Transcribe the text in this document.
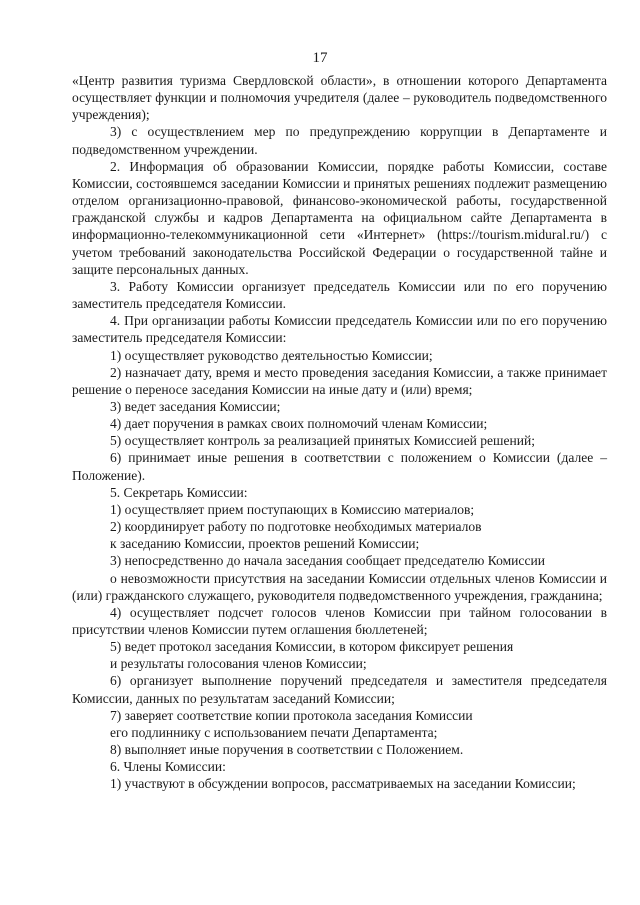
17

«Центр развития туризма Свердловской области», в отношении которого Департамента осуществляет функции и полномочия учредителя (далее – руководитель подведомственного учреждения);

3) с осуществлением мер по предупреждению коррупции в Департаменте и подведомственном учреждении.

2. Информация об образовании Комиссии, порядке работы Комиссии, составе Комиссии, состоявшемся заседании Комиссии и принятых решениях подлежит размещению отделом организационно-правовой, финансово-экономической работы, государственной гражданской службы и кадров Департамента на официальном сайте Департамента в информационно-телекоммуникационной сети «Интернет» (https://tourism.midural.ru/) с учетом требований законодательства Российской Федерации о государственной тайне и защите персональных данных.

3. Работу Комиссии организует председатель Комиссии или по его поручению заместитель председателя Комиссии.

4. При организации работы Комиссии председатель Комиссии или по его поручению заместитель председателя Комиссии:

1) осуществляет руководство деятельностью Комиссии;

2) назначает дату, время и место проведения заседания Комиссии, а также принимает решение о переносе заседания Комиссии на иные дату и (или) время;

3) ведет заседания Комиссии;

4) дает поручения в рамках своих полномочий членам Комиссии;

5) осуществляет контроль за реализацией принятых Комиссией решений;

6) принимает иные решения в соответствии с положением о Комиссии (далее – Положение).

5. Секретарь Комиссии:

1) осуществляет прием поступающих в Комиссию материалов;

2) координирует работу по подготовке необходимых материалов

к заседанию Комиссии, проектов решений Комиссии;

3) непосредственно до начала заседания сообщает председателю Комиссии

о невозможности присутствия на заседании Комиссии отдельных членов Комиссии и (или) гражданского служащего, руководителя подведомственного учреждения, гражданина;

4) осуществляет подсчет голосов членов Комиссии при тайном голосовании в присутствии членов Комиссии путем оглашения бюллетеней;

5) ведет протокол заседания Комиссии, в котором фиксирует решения

и результаты голосования членов Комиссии;

6) организует выполнение поручений председателя и заместителя председателя Комиссии, данных по результатам заседаний Комиссии;

7) заверяет соответствие копии протокола заседания Комиссии

его подлиннику с использованием печати Департамента;

8) выполняет иные поручения в соответствии с Положением.

6. Члены Комиссии:

1) участвуют в обсуждении вопросов, рассматриваемых на заседании Комиссии;
